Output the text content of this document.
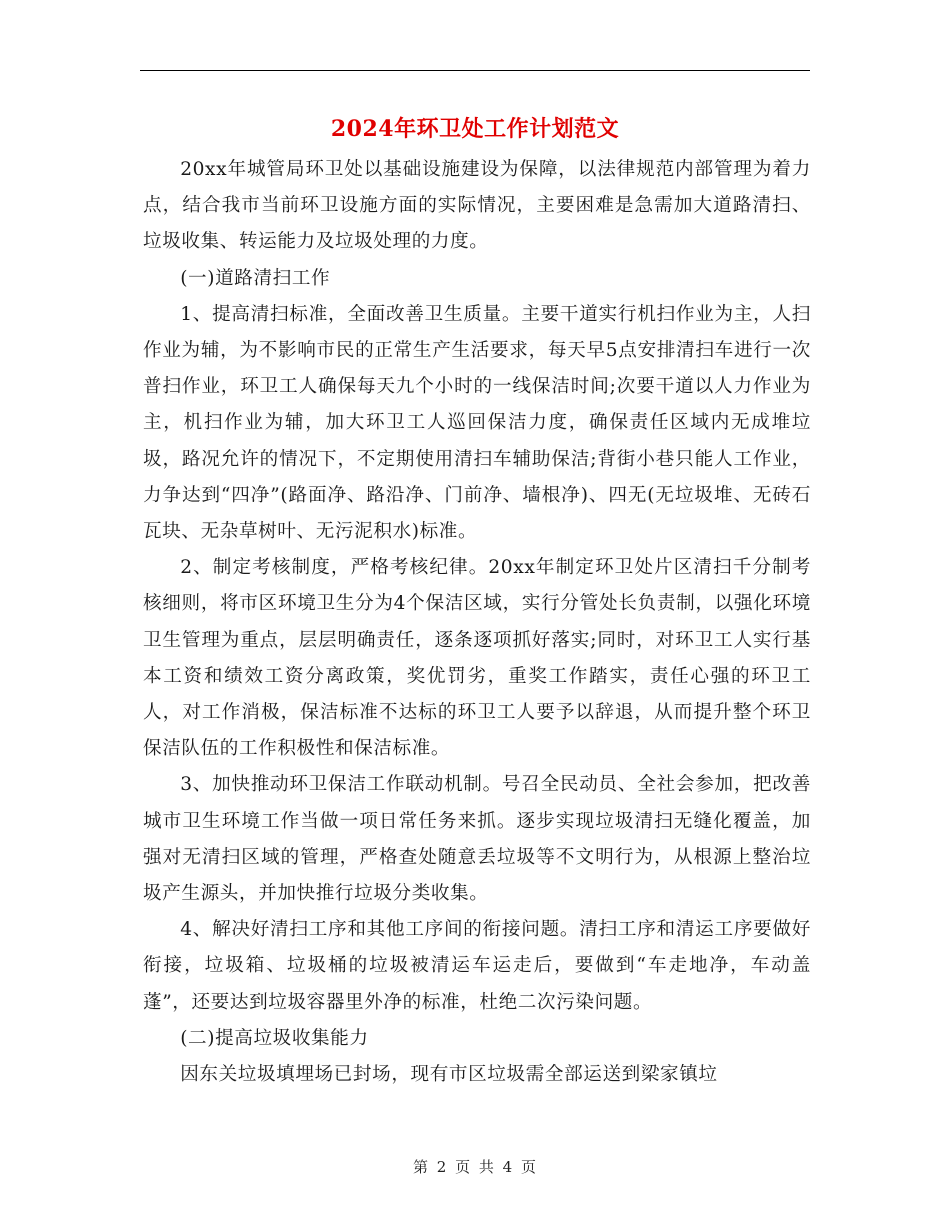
2024年环卫处工作计划范文

20xx年城管局环卫处以基础设施建设为保障，以法律规范内部管理为着力点，结合我市当前环卫设施方面的实际情况，主要困难是急需加大道路清扫、垃圾收集、转运能力及垃圾处理的力度。

(一)道路清扫工作

1、提高清扫标准，全面改善卫生质量。主要干道实行机扫作业为主，人扫作业为辅，为不影响市民的正常生产生活要求，每天早5点安排清扫车进行一次普扫作业，环卫工人确保每天九个小时的一线保洁时间;次要干道以人力作业为主，机扫作业为辅，加大环卫工人巡回保洁力度，确保责任区域内无成堆垃圾，路况允许的情况下，不定期使用清扫车辅助保洁;背街小巷只能人工作业，力争达到“四净”(路面净、路沿净、门前净、墙根净)、四无(无垃圾堆、无砖石瓦块、无杂草树叶、无污泥积水)标准。

2、制定考核制度，严格考核纪律。20xx年制定环卫处片区清扫千分制考核细则，将市区环境卫生分为4个保洁区域，实行分管处长负责制，以强化环境卫生管理为重点，层层明确责任，逐条逐项抓好落实;同时，对环卫工人实行基本工资和绩效工资分离政策，奖优罚劣，重奖工作踏实，责任心强的环卫工人，对工作消极，保洁标准不达标的环卫工人要予以辞退，从而提升整个环卫保洁队伍的工作积极性和保洁标准。

3、加快推动环卫保洁工作联动机制。号召全民动员、全社会参加，把改善城市卫生环境工作当做一项日常任务来抓。逐步实现垃圾清扫无缝化覆盖，加强对无清扫区域的管理，严格查处随意丢垃圾等不文明行为，从根源上整治垃圾产生源头，并加快推行垃圾分类收集。

4、解决好清扫工序和其他工序间的衔接问题。清扫工序和清运工序要做好衔接，垃圾箱、垃圾桶的垃圾被清运车运走后，要做到“车走地净，车动盖蓬”，还要达到垃圾容器里外净的标准，杜绝二次污染问题。

(二)提高垃圾收集能力

因东关垃圾填埋场已封场，现有市区垃圾需全部运送到梁家镇垃

第 2 页 共 4 页
